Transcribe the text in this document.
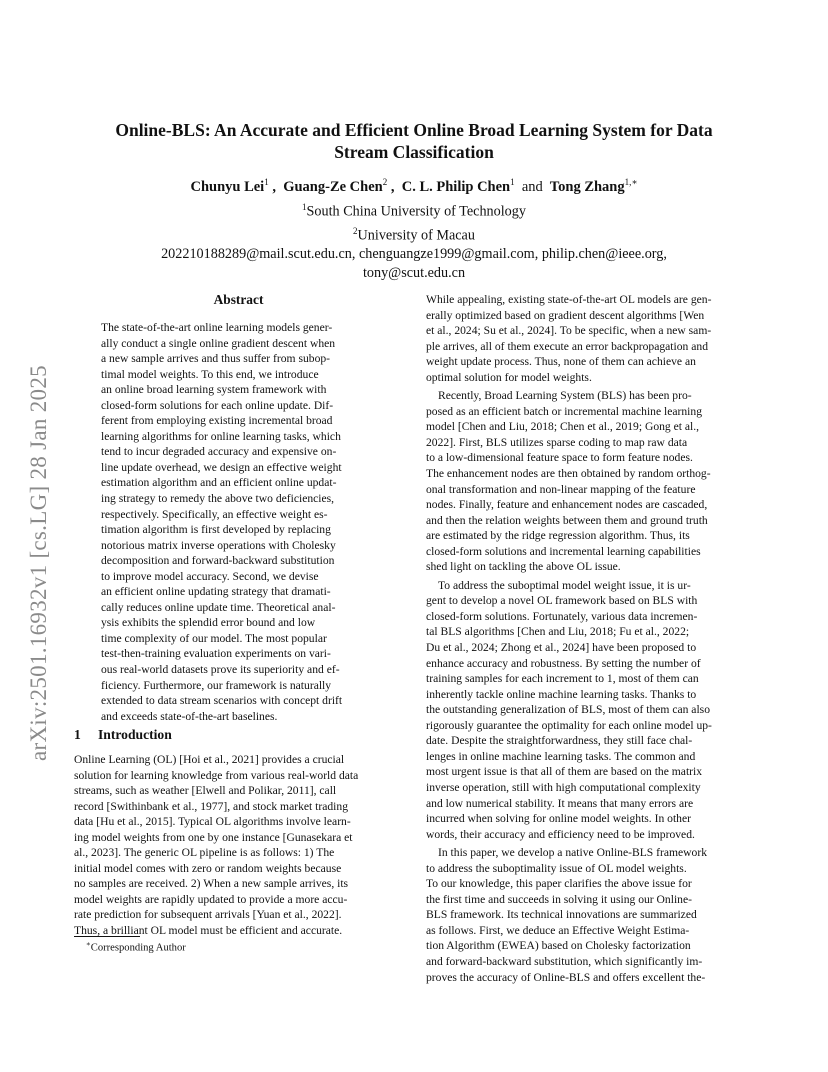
arXiv:2501.16932v1 [cs.LG] 28 Jan 2025
Online-BLS: An Accurate and Efficient Online Broad Learning System for Data
Stream Classification
Chunyu Lei$^1$ ,  Guang-Ze Chen$^2$ ,  C. L. Philip Chen$^1$ and Tong Zhang$^{1,∗}$
$^1$South China University of Technology
$^2$University of Macau
202210188289@mail.scut.edu.cn, chenguangze1999@gmail.com, philip.chen@ieee.org,
tony@scut.edu.cn
Abstract
The state-of-the-art online learning models gener-
ally conduct a single online gradient descent when
a new sample arrives and thus suffer from subop-
timal model weights. To this end, we introduce
an online broad learning system framework with
closed-form solutions for each online update. Dif-
ferent from employing existing incremental broad
learning algorithms for online learning tasks, which
tend to incur degraded accuracy and expensive on-
line update overhead, we design an effective weight
estimation algorithm and an efficient online updat-
ing strategy to remedy the above two deficiencies,
respectively. Specifically, an effective weight es-
timation algorithm is first developed by replacing
notorious matrix inverse operations with Cholesky
decomposition and forward-backward substitution
to improve model accuracy. Second, we devise
an efficient online updating strategy that dramati-
cally reduces online update time. Theoretical anal-
ysis exhibits the splendid error bound and low
time complexity of our model. The most popular
test-then-training evaluation experiments on vari-
ous real-world datasets prove its superiority and ef-
ficiency. Furthermore, our framework is naturally
extended to data stream scenarios with concept drift
and exceeds state-of-the-art baselines.
1 Introduction
Online Learning (OL) [Hoi et al., 2021] provides a crucial
solution for learning knowledge from various real-world data
streams, such as weather [Elwell and Polikar, 2011], call
record [Swithinbank et al., 1977], and stock market trading
data [Hu et al., 2015]. Typical OL algorithms involve learn-
ing model weights from one by one instance [Gunasekara et
al., 2023]. The generic OL pipeline is as follows: 1) The
initial model comes with zero or random weights because
no samples are received. 2) When a new sample arrives, its
model weights are rapidly updated to provide a more accu-
rate prediction for subsequent arrivals [Yuan et al., 2022].
Thus, a brilliant OL model must be efficient and accurate.
∗Corresponding Author
While appealing, existing state-of-the-art OL models are gen-
erally optimized based on gradient descent algorithms [Wen
et al., 2024; Su et al., 2024]. To be specific, when a new sam-
ple arrives, all of them execute an error backpropagation and
weight update process. Thus, none of them can achieve an
optimal solution for model weights.
Recently, Broad Learning System (BLS) has been pro-
posed as an efficient batch or incremental machine learning
model [Chen and Liu, 2018; Chen et al., 2019; Gong et al.,
2022]. First, BLS utilizes sparse coding to map raw data
to a low-dimensional feature space to form feature nodes.
The enhancement nodes are then obtained by random orthog-
onal transformation and non-linear mapping of the feature
nodes. Finally, feature and enhancement nodes are cascaded,
and then the relation weights between them and ground truth
are estimated by the ridge regression algorithm. Thus, its
closed-form solutions and incremental learning capabilities
shed light on tackling the above OL issue.
To address the suboptimal model weight issue, it is ur-
gent to develop a novel OL framework based on BLS with
closed-form solutions. Fortunately, various data incremen-
tal BLS algorithms [Chen and Liu, 2018; Fu et al., 2022;
Du et al., 2024; Zhong et al., 2024] have been proposed to
enhance accuracy and robustness. By setting the number of
training samples for each increment to 1, most of them can
inherently tackle online machine learning tasks. Thanks to
the outstanding generalization of BLS, most of them can also
rigorously guarantee the optimality for each online model up-
date. Despite the straightforwardness, they still face chal-
lenges in online machine learning tasks. The common and
most urgent issue is that all of them are based on the matrix
inverse operation, still with high computational complexity
and low numerical stability. It means that many errors are
incurred when solving for online model weights. In other
words, their accuracy and efficiency need to be improved.
In this paper, we develop a native Online-BLS framework
to address the suboptimality issue of OL model weights.
To our knowledge, this paper clarifies the above issue for
the first time and succeeds in solving it using our Online-
BLS framework. Its technical innovations are summarized
as follows. First, we deduce an Effective Weight Estima-
tion Algorithm (EWEA) based on Cholesky factorization
and forward-backward substitution, which significantly im-
proves the accuracy of Online-BLS and offers excellent the-
